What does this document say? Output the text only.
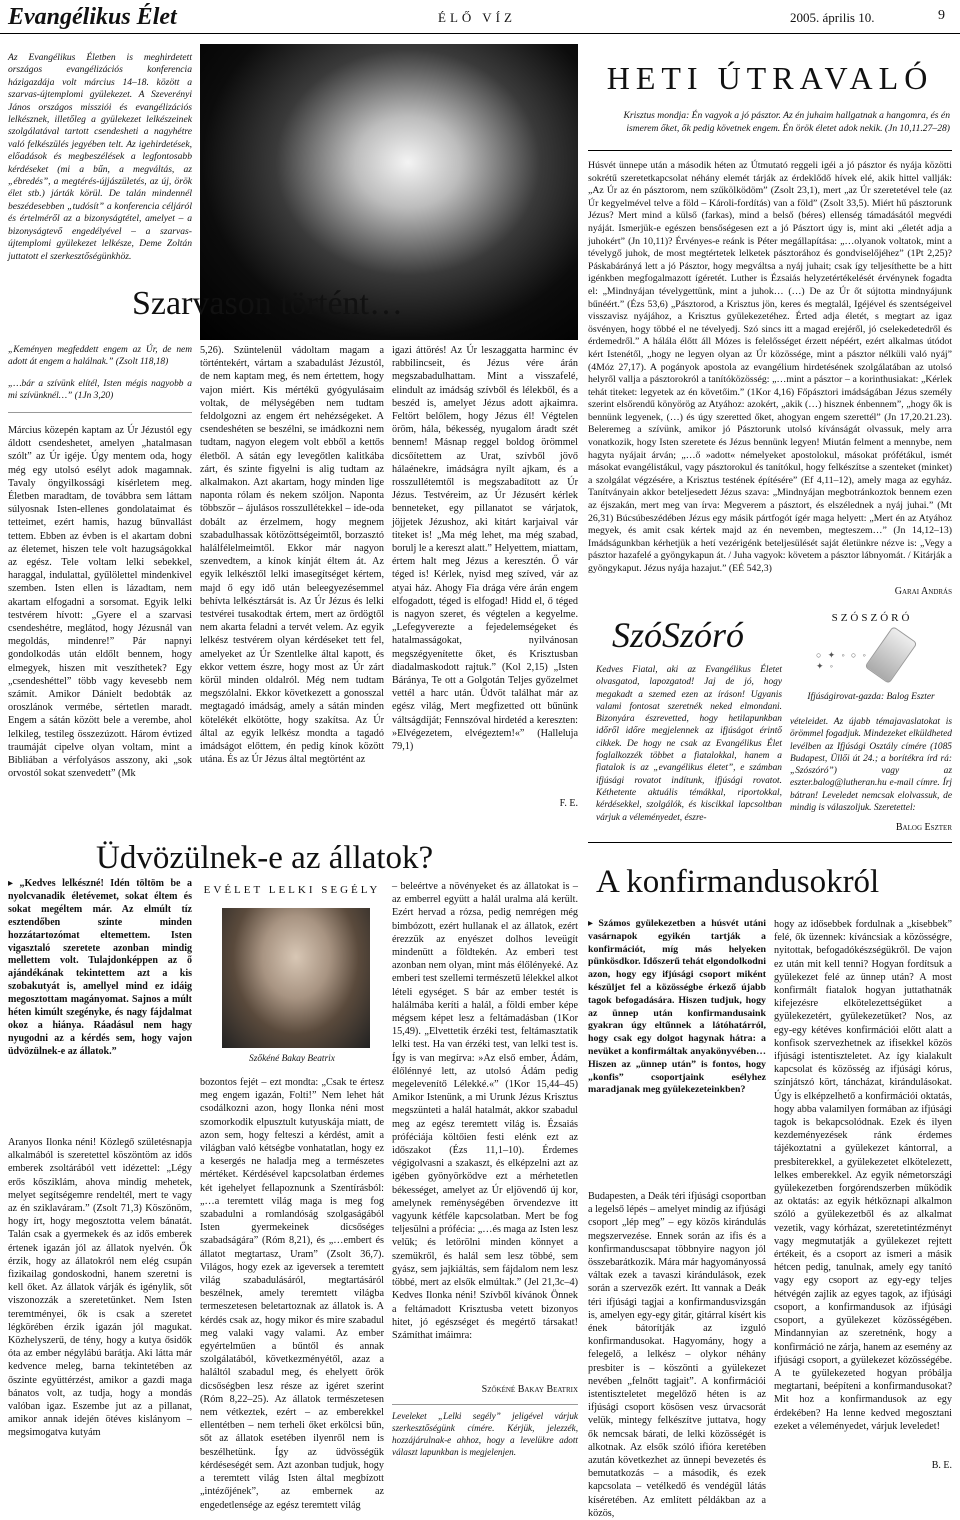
Evangélikus Élet	ÉLŐ VÍZ	2005. április 10.	9

Az Evangélikus Életben is meghirdetett országos evangélizációs konferencia házigazdája volt március 14–18. között a szarvas-újtemplomi gyülekezet. A Szeverényi János országos missziói és evangélizációs lelkésznek, illetőleg a gyülekezet lelkészeinek szolgálatával tartott csendesheti a nagyhétre való felkészülés jegyében telt. Az igehirdetések, előadások és megbeszélések a legfontosabb kérdéseket (mi a bűn, a megváltás, az „ébredés”, a megtérés-újjászületés, az új, örök élet stb.) járták körül. De talán mindennél beszédesebben „tudósít” a konferencia céljáról és értelméről az a bizonyságtétel, amelyet – a bizonyságtevő engedélyével – a szarvas-újtemplomi gyülekezet lelkésze, Deme Zoltán juttatott el szerkesztőségünkhöz.

Szarvason történt…

„Keményen megfeddett engem az Úr, de nem adott át engem a halálnak.” (Zsolt 118,18)

„…bár a szívünk elítél, Isten mégis nagyobb a mi szívünknél…” (1Jn 3,20)

Március közepén kaptam az Úr Jézustól egy áldott csendeshetet, amelyen „hatalmasan szólt” az Úr igéje. Úgy mentem oda, hogy még egy utolsó esélyt adok magamnak. Tavaly öngyilkossági kísérletem meg. Életben maradtam, de továbbra sem láttam súlyosnak Isten-ellenes gondolataimat és tetteimet, ezért hamis, hazug bűnvallást tettem. Ebben az évben is el akartam dobni az életemet, hiszen tele volt hazugságokkal az egész. Tele voltam lelki sebekkel, haraggal, indulattal, gyűlölettel mindenkivel szemben. Isten ellen is lázadtam, nem akartam elfogadni a sorsomat. Egyik lelki testvérem hívott: „Gyere el a szarvasi csendeshétre, meglátod, hogy Jézusnál van megoldás, mindenre!” Pár napnyi gondolkodás után eldőlt bennem, hogy elmegyek, hiszen mit veszíthetek? Egy „csendeshéttel” több vagy kevesebb nem számít. Amikor Dánielt bedobták az oroszlánok vermébe, sértetlen maradt. Engem a sátán között bele a verembe, ahol lelkileg, testileg összezúzott. Három évtized traumáját cipelve olyan voltam, mint a Bibliában a vérfolyásos asszony, aki „sok orvostól sokat szenvedett” (Mk

5,26). Szüntelenül vádoltam magam a történtekért, vártam a szabadulást Jézustól, de nem kaptam meg, és nem értettem, hogy vajon miért. Kis mértékű gyógyulásaim voltak, de mélységében nem tudtam feldolgozni az engem ért nehézségeket. A csendeshéten se beszélni, se imádkozni nem tudtam, nagyon elegem volt ebből a kettős életből. A sátán egy levegőtlen kalitkába zárt, és szinte figyelni is alig tudtam az alkalmakon. Azt akartam, hogy minden lige naponta rólam és nekem szóljon. Naponta többször – ájulásos rosszullétekkel – ide-oda dobált az érzelmem, hogy megnem szabadulhassak kötözöttségeimtől, borzasztó halálfélelmeimtől. Ekkor már nagyon szenvedtem, a kínok kínját éltem át. Az egyik lelkésztől lelki imasegítséget kértem, majd ő egy idő után beleegyezésemmel behívta lelkésztársát is. Az Úr Jézus és lelki testvérei tusakodtak értem, mert az ördögtől nem akarta feladni a tervét velem. Az egyik lelkész testvérem olyan kérdéseket tett fel, amelyeket az Úr Szentlelke által kapott, és ekkor vettem észre, hogy most az Úr zárt körül minden oldalról. Még nem tudtam megszólalni. Ekkor következett a gonosszal megtagadó imádság, amely a sátán minden kötelékét elkötötte, hogy szakítsa. Az Úr által az egyik lelkész mondta a tagadó imádságot előttem, én pedig kínok között utána. És az Úr Jézus által megtörtént az

igazi áttörés! Az Úr leszaggatta harminc év rabbilincseit, és Jézus vére árán megszabadulhattam. Mint a visszafelé, elindult az imádság szívből és lélekből, és a beszéd is, amelyet Jézus adott ajkaimra. Feltört belőlem, hogy Jézus él! Végtelen öröm, hála, békesség, nyugalom áradt szét bennem! Másnap reggel boldog örömmel dicsőítettem az Urat, szívből jövő hálaénekre, imádságra nyílt ajkam, és a rosszullétemtől is megszabadított az Úr Jézus. Testvéreim, az Úr Jézusért kérlek benneteket, egy pillanatot se várjatok, jöjjetek Jézushoz, aki kitárt karjaival vár titeket is! „Ma még lehet, ma még szabad, borulj le a kereszt alatt.” Helyettem, miattam, értem halt meg Jézus a keresztén. Ő vár téged is! Kérlek, nyisd meg szíved, vár az atyai ház. Ahogy Fia drága vére árán engem elfogadott, téged is elfogad! Hidd el, ő téged is nagyon szeret, és végtelen a kegyelme. „Lefegyverezte a fejedelemségeket és hatalmasságokat, nyilvánosan megszégyenítette őket, és Krisztusban diadalmaskodott rajtuk.” (Kol 2,15) „Isten Báránya, Te ott a Golgotán Teljes győzelmet vettél a harc után. Üdvöt találhat már az egész világ, Mert megfizetted ott bűnünk váltságdíját; Fennszóval hirdetéd a kereszten: »Elvégezetem, elvégeztem!«” (Halleluja 79,1)

F. E.
HETI ÚTRAVALÓ

Krisztus mondja: Én vagyok a jó pásztor. Az én juhaim hallgatnak a hangomra, és én ismerem őket, ők pedig követnek engem. Én örök életet adok nekik. (Jn 10,11.27–28)

Húsvét ünnepe után a második héten az Útmutató reggeli igéi a jó pásztor és nyája közötti sokrétű szeretetkapcsolat néhány elemét tárják az érdeklődő hívek elé, akik hittel vallják: „Az Úr az én pásztorom, nem szűkölködöm” (Zsolt 23,1), mert „az Úr szeretetével tele (az Úr kegyelmével telve a föld – Károli-fordítás) van a föld” (Zsolt 33,5). Miért hű pásztorunk Jézus? Mert mind a külső (farkas), mind a belső (béres) ellenség támadásától megvédi nyáját. Ismerjük-e egészen bensőségesen ezt a jó Pásztort úgy is, mint aki „életét adja a juhokért” (Jn 10,11)? Érvényes-e reánk is Péter megállapítása: „…olyanok voltatok, mint a tévelygő juhok, de most megtértetek lelketek pásztorához és gondviselőjéhez” (1Pt 2,25)? Páskabárányá lett a jó Pásztor, hogy megváltsa a nyáj juhait; csak így teljesíthette be a hitt igénkben megfogalmazott ígéretét. Luther is Ézsaiás helyzetértékelését érvénynek fogadta el: „Mindnyájan tévelygettünk, mint a juhok… (…) De az Úr őt sújtotta mindnyájunk bűnéért.” (Ézs 53,6) „Pásztorod, a Krisztus jön, keres és megtalál, Igéjével és szentségeivel visszavisz nyájához, a Krisztus gyülekezetéhez. Érted adja életét, s megtart az igaz ösvényen, hogy többé el ne tévelyedj. Szó sincs itt a magad erejéről, jó cselekedetedről és érdemedről.” A hálála élőtt áll Mózes is felelősséget érzett népéért, ezért alkalmas útódot kért Istenétől, „hogy ne legyen olyan az Úr közössége, mint a pásztor nélküli való nyáj” (4Móz 27,17). A pogányok apostola az evangélium hirdetésének szolgálatában az utolsó helyről vallja a pásztorokról a tanítóközösség: „…mint a pásztor – a korinthusiakat: „Kérlek tehát titeket: legyetek az én követőim.” (1Kor 4,16) Főpásztori imádságában Jézus személy szerint elsőrendű könyörög az Atyához: azokért, „akik (…) hisznek énbennem”, „hogy ők is bennünk legyenek, (…) és úgy szeretted őket, ahogyan engem szerettél” (Jn 17,20.21.23). Beleremeg a szívünk, amikor jó Pásztorunk utolsó kívánságát olvassuk, mely arra vonatkozik, hogy Isten szeretete és Jézus bennünk legyen! Miután felment a mennybe, nem hagyta nyájait árván; „…ő »adott« némelyeket apostolokul, másokat prófétákul, ismét másokat evangélistákul, vagy pásztorokul és tanítókul, hogy felkészítse a szenteket (minket) a szolgálat végzésére, a Krisztus testének építésére” (Ef 4,11–12), amely maga az egyház. Tanítványain akkor beteljesedett Jézus szava: „Mindnyájan megbotránkoztok bennem ezen az éjszakán, mert meg van írva: Megverem a pásztort, és elszélednek a nyáj juhai.” (Mt 26,31) Búcsúbeszédében Jézus egy másik pártfogót ígér maga helyett: „Mert én az Atyához megyek, és amit csak kértek majd az én nevemben, megteszem…” (Jn 14,12–13) Imádságunkban kérhetjük a hetí vezérigénk beteljesülését saját életünkre nézve is: „Vegy a pásztor hazafelé a gyöngykapun át. / Juha vagyok: követem a pásztor lábnyomát. / Kitárják a gyöngykaput. Jézus nyája hazajut.” (EÉ 542,3)

Garai András
SzóSzóró	SZÓSZÓRÓ
○ ✦ ◦ ○ ◦ ✦ ◦
Ifjúságirovat-gazda: Balog Eszter

Kedves Fiatal, aki az Evangélikus Életet olvasgatod, lapozgatod! Jaj de jó, hogy megakadt a szemed ezen az íráson! Ugyanis valami fontosat szeretnék neked elmondani. Bizonyára észrevetted, hogy hetilapunkban időről időre megjelennek az ifjúságot érintő cikkek. De hogy ne csak az Evangélikus Élet foglalkozzék többet a fiatalokkal, hanem a fiatalok is az „evangélikus életet”, e számban ifjúsági rovatot indítunk, ifjúsági rovatot. Kéthetente aktuális témákkal, riportokkal, kérdésekkel, szolgálók, és kiscikkal lapcsoltban várjuk a véleményedet, észre-

vételeidet. Az újabb témajavaslatokat is örömmel fogadjuk. Mindezeket elküldheted levélben az Ifjúsági Osztály címére (1085 Budapest, Üllői út 24.; a borítékra írd rá: „Szószóró”) vagy az eszter.balog@lutheran.hu e-mail címre. Írj bátran! Leveledet nemcsak elolvassuk, de mindig is válaszoljuk. Szeretettel:

Balog Eszter
Üdvözülnek-e az állatok?
EVÉLET LELKI SEGÉLY
Szőkéné Bakay Beatrix

▸ „Kedves lelkészné! Idén töltöm be a nyolcvanadik életévemet, sokat éltem és sokat megéltem már. Az elmúlt tíz esztendőben szinte minden hozzátartozómat eltemettem. Isten vigasztaló szeretete azonban mindig mellettem volt. Tulajdonképpen az ő ajándékának tekintettem azt a kis szobakutyát is, amellyel mind ez idáig megosztottam magányomat. Sajnos a múlt héten kimúlt szegényke, és nagy fájdalmat okoz a hiánya. Ráadásul nem hagy nyugodni az a kérdés sem, hogy vajon üdvözülnek-e az állatok.”

Aranyos Ilonka néni! Közlegő születésnapja alkalmából is szeretettel köszöntöm az idős emberek zsoltárából vett idézettel: „Légy erős kősziklám, ahova mindig mehetek, melyet segítségemre rendeltél, mert te vagy az én sziklaváram.” (Zsolt 71,3) Köszönöm, hogy írt, hogy megosztotta velem bánatát. Talán csak a gyermekek és az idős emberek értenek igazán jól az állatok nyelvén. Ők érzik, hogy az állatokról nem elég csupán fizikailag gondoskodni, hanem szeretni is kell őket. Az állatok várják és igénylik, sőt viszonozzák a szeretetünket. Nem Isten teremtményei, ők is csak a szeretet légkörében érzik igazán jól magukat. Közhelyszerű, de tény, hogy a kutya ősidők óta az ember négylábú barátja. Aki látta már kedvence meleg, barna tekintetében az őszinte együttérzést, amikor a gazdi maga bánatos volt, az tudja, hogy a mondás valóban igaz. Eszembe jut az a pillanat, amikor annak idején ötéves kislányom – megsimogatva kutyám

bozontos fejét – ezt mondta: „Csak te értesz meg engem igazán, Folti!” Nem lehet hát csodálkozni azon, hogy Ilonka néni most szomorkodik elpusztult kutyuskája miatt, de azon sem, hogy felteszi a kérdést, amit a világban való kétségbe vonhatatlan, hogy ez a kesergés ne haladja meg a természetes mértéket. Kérdésével kapcsolatban érdemes két igehelyet fellapoznunk a Szentírásból: „…a teremtett világ maga is meg fog szabadulni a romlandóság szolgaságából Isten gyermekeinek dicsőséges szabadságára” (Róm 8,21), és „…embert és állatot megtartasz, Uram” (Zsolt 36,7). Világos, hogy ezek az igeversek a teremtett világ szabadulásáról, megtartásáról beszélnek, amely teremtett világba termeszetesen beletartoznak az állatok is. A kérdés csak az, hogy mikor és mire szabadul meg valaki vagy valami. Az ember egyértelműen a bűntől és annak szolgálatából, következményétől, azaz a haláltól szabadul meg, és ehelyett örök dicsőségben lesz része az igéret szerint (Róm 8,22–25). Az állatok természetesen nem vétkeztek, ezért – az emberekkel ellentétben – nem terheli őket erkölcsi bűn, sőt az állatok esetében ilyenről nem is beszélhetünk. Így az üdvösségük kérdéseségét sem. Azt azonban tudjuk, hogy a teremtett világ Isten által megbízott „intézőjének”, az embernek az engedetlensége az egész teremtett világ

– beleértve a növényeket és az állatokat is – az emberrel együtt a halál uralma alá került. Ezért hervad a rózsa, pedig nemrégen még bimbózott, ezért hullanak el az állatok, ezért érezzük az enyészet dolhos leveügít mindenütt a földtekén. Az emberi test azonban nem olyan, mint más élőlényeké. Az emberi test szellemi természetű lélekkel alkot lételi egységet. S bár az ember testét is halálmába keríti a halál, a földi ember képe mégsem képet lesz a feltámadásban (1Kor 15,49). „Elvettetik érzéki test, feltámasztatik lelki test. Ha van érzéki test, van lelki test is. Így is van megírva: »Az első ember, Ádám, élőlénnyé lett, az utolsó Ádám pedig megelevenítő Lélekké.«” (1Kor 15,44–45) Amikor Istenünk, a mi Urunk Jézus Krisztus megszünteti a halál hatalmát, akkor szabadul meg az egész teremtett világ is. Ézsaiás próféciája költőien festi elénk ezt az időszakot (Ézs 11,1–10). Érdemes végigolvasni a szakaszt, és elképzelni azt az igében gyönyörködve ezt a mérhetetlen békességet, amelyet az Úr eljövendő új kor, amelynek reménységében örvendezve itt vagyunk kétféle kapcsolatban. Mert be fog teljesülni a prófécia: „…és maga az Isten lesz velük; és letörölni minden könnyet a szemükről, és halál sem lesz többé, sem gyász, sem jajkiáltás, sem fájdalom nem lesz többé, mert az elsők elmúltak.” (Jel 21,3c–4) Kedves Ilonka néni! Szívből kívánok Önnek a feltámadott Krisztusba vetett bizonyos hitet, jó egészséget és megértő társakat! Számíthat imáimra:

Szőkéné Bakay Beatrix

Leveleket „Lelki segély” jeligével várjuk szerkesztőségünk címére. Kérjük, jelezzék, hozzájárulnak-e ahhoz, hogy a levelükre adott választ lapunkban is megjelenjen.

A konfirmandusokról

▸ Számos gyülekezetben a húsvét utáni vasárnapok egyikén tartják a konfirmációt, míg más helyeken pünkösdkor. Időszerű tehát elgondolkodni azon, hogy egy ifjúsági csoport miként készüljet fel a közösségbe érkező újabb tagok befogadására. Hiszen tudjuk, hogy az ünnep után konfirmandusaink gyakran úgy eltűnnek a látóhatárról, hogy csak egy dolgot hagynak hátra: a nevüket a konfirmáltak anyakönyvében… Hiszen az „ünnep után” is fontos, hogy „konfis” csoportjaink esélyhez maradjanak meg gyülekezeteinkben?

Budapesten, a Deák téri ifjúsági csoportban a legelső lépés – amelyet mindig az ifjúsági csoport „lép meg” – egy közös kirándulás megszervezése. Ennek során az ifis és a konfirmanduscsapat többnyire nagyon jól összebarátkozik. Mára már hagyományossá váltak ezek a tavaszi kirándulások, ezek során a szervezők ezért. Itt vannak a Deák téri ifjúsági tagjai a konfirmandusvizsgán is, amelyen egy-egy gitár, gitárral kísért kis ének bátorítják az izguló konfirmandusokat. Hagyomány, hogy a felegelő, a lelkész – olykor néhány presbiter is – köszönti a gyülekezet nevében „felnőtt tagjait”. A konfirmációi istentiszteletet megelőző héten is az ifjúsági csoport kösösen vesz úrvacsorát velük, mintegy felkészítve juttatva, hogy ők nemcsak bárati, de lelki közösségét is alkotnak. Az elsők szóló ifióra keretében azután következhet az ünnepi bevezetés és bemutatkozás – a második, és ezek kapcsolata – vetélkedő és vendégül látás kíséretében. Az említett példákban az a közös,

hogy az idősebbek fordulnak a „kisebbek” felé, ők üzennek: kíváncsiak a közösségre, nyitottak, befogadókészségükről. De vajon ez után mit kell tenni? Hogyan fordítsuk a gyülekezet felé az ünnep után? A most konfirmált fiatalok hogyan juttathatnák kifejezésre elkötelezettségüket a gyülekezetért, gyülekezetüket? Nos, az egy-egy kétéves konfirmációi előtt alatt a konfisok szervezhetnek az ifisekkel közös ifjúsági istentiszteletet. Az így kialakult kapcsolat és közösség az ifjúsági kórus, színjátszó kört, táncházat, kirándulásokat. Úgy is elképzelhető a konfirmációi oktatás, hogy abba valamilyen formában az ifjúsági tagok is bekapcsolódnak. Ezek és ilyen kezdeményezések ránk érdemes tájékoztatni a gyülekezet kántorral, a presbiterekkel, a gyülekezetet elkötelezett, lelkes emberekkel. Az egyik németországi gyülekezetben forgórendszerben működik az oktatás: az egyik hétköznapi alkalmon szóló a gyülekezetből és az alkalmat vezetik, vagy kórházat, szeretetintézményt vagy megmutatják a gyülekezet rejtett értékeit, és a csoport az ismeri a másik hétcen pedig, tanulnak, amely egy tanító vagy egy csoport az egy-egy teljes hétvégén zajlik az egyes tagok, az ifjúsági csoport, a konfirmandusok az ifjúsági csoport, a gyülekezet közösségében. Mindannyian az szeretnénk, hogy a konfirmáció ne zárja, hanem az esemény az ifjúsági csoport, a gyülekezet közösségébe. A te gyülekezeted hogyan próbálja megtartani, beépíteni a konfirmandusokat? Mit hoz a konfirmandusok az egy érdekében? Ha lenne kedved megosztani ezeket a véleményedet, várjuk leveledet!

B. E.
